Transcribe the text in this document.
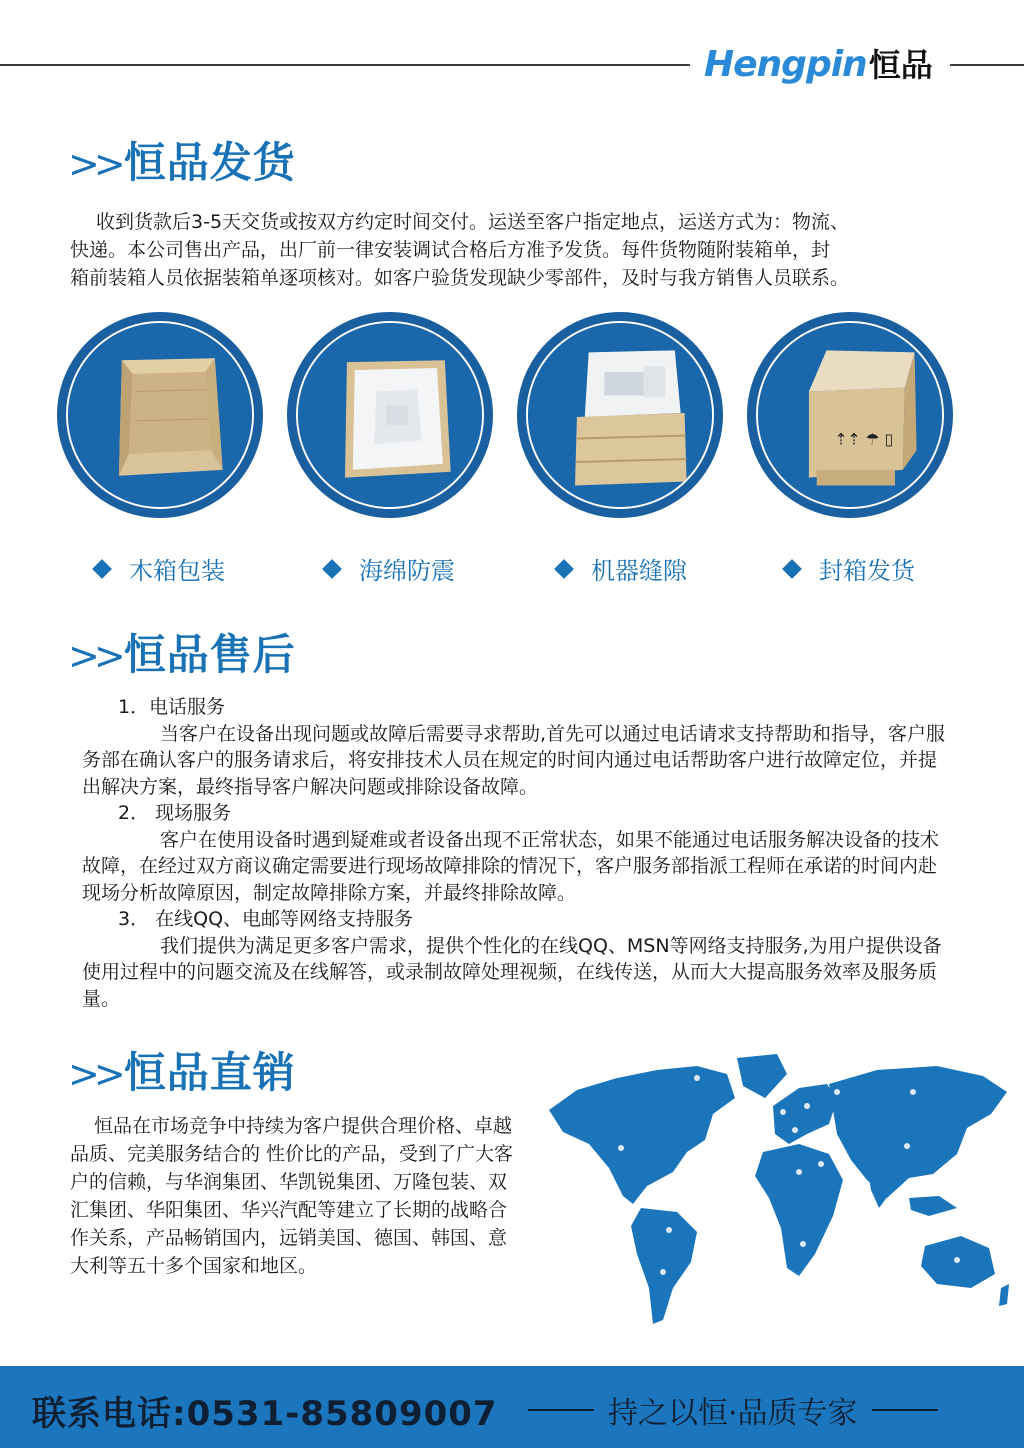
Hengpin 恒品
>>恒品发货
收到货款后3-5天交货或按双方约定时间交付。运送至客户指定地点，运送方式为：物流、
快递。本公司售出产品，出厂前一律安装调试合格后方准予发货。每件货物随附装箱单，封
箱前装箱人员依据装箱单逐项核对。如客户验货发现缺少零部件，及时与我方销售人员联系。
⇡⇡ ☂ ▯
木箱包装	海绵防震	机器缝隙	封箱发货
>>恒品售后
1．电话服务
当客户在设备出现问题或故障后需要寻求帮助,首先可以通过电话请求支持帮助和指导，客户服务部在确认客户的服务请求后，将安排技术人员在规定的时间内通过电话帮助客户进行故障定位，并提出解决方案，最终指导客户解决问题或排除设备故障。
2． 现场服务
客户在使用设备时遇到疑难或者设备出现不正常状态，如果不能通过电话服务解决设备的技术故障，在经过双方商议确定需要进行现场故障排除的情况下，客户服务部指派工程师在承诺的时间内赴现场分析故障原因，制定故障排除方案，并最终排除故障。
3． 在线QQ、电邮等网络支持服务
我们提供为满足更多客户需求，提供个性化的在线QQ、MSN等网络支持服务,为用户提供设备使用过程中的问题交流及在线解答，或录制故障处理视频，在线传送，从而大大提高服务效率及服务质量。
>>恒品直销
恒品在市场竞争中持续为客户提供合理价格、卓越品质、完美服务结合的 性价比的产品，受到了广大客户的信赖，与华润集团、华凯锐集团、万隆包装、双汇集团、华阳集团、华兴汽配等建立了长期的战略合作关系，产品畅销国内，远销美国、德国、韩国、意大利等五十多个国家和地区。
联系电话:0531-85809007	持之以恒·品质专家
